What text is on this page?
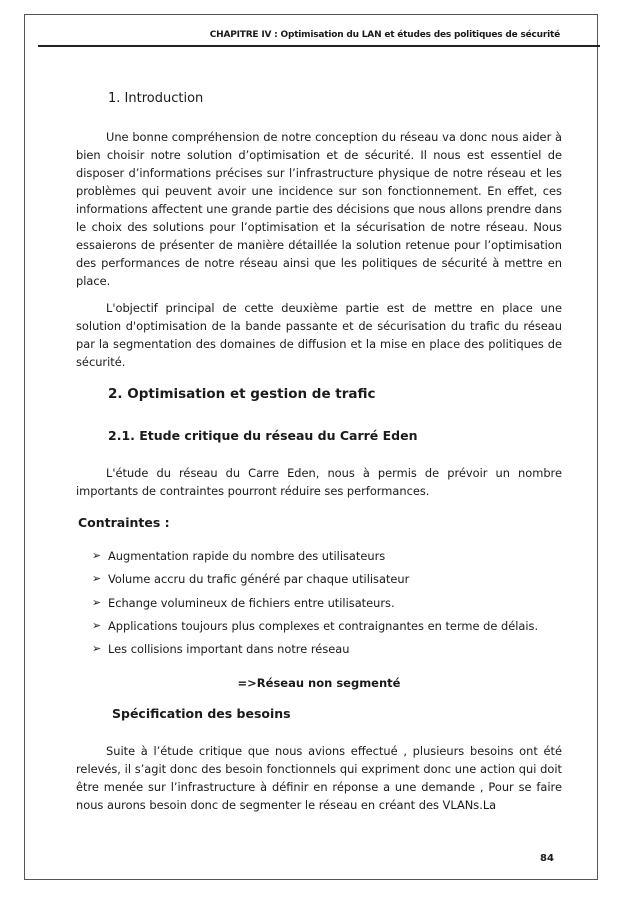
CHAPITRE IV : Optimisation du LAN et études des politiques de sécurité
1. Introduction

Une bonne compréhension de notre conception du réseau va donc nous aider à bien choisir notre solution d’optimisation et de sécurité. Il nous est essentiel de disposer d’informations précises sur l’infrastructure physique de notre réseau et les problèmes qui peuvent avoir une incidence sur son fonctionnement. En effet, ces informations affectent une grande partie des décisions que nous allons prendre dans le choix des solutions pour l’optimisation et la sécurisation de notre réseau. Nous essaierons de présenter de manière détaillée la solution retenue pour l’optimisation des performances de notre réseau ainsi que les politiques de sécurité à mettre en place.

L'objectif principal de cette deuxième partie est de mettre en place une solution d'optimisation de la bande passante et de sécurisation du trafic du réseau par la segmentation des domaines de diffusion et la mise en place des politiques de sécurité.

2. Optimisation et gestion de trafic
2.1. Etude critique du réseau du Carré Eden

L'étude du réseau du Carre Eden, nous à permis de prévoir un nombre importants de contraintes pourront réduire ses performances.

Contraintes :
➢ Augmentation rapide du nombre des utilisateurs
➢ Volume accru du trafic généré par chaque utilisateur
➢ Echange volumineux de fichiers entre utilisateurs.
➢ Applications toujours plus complexes et contraignantes en terme de délais.
➢ Les collisions important dans notre réseau
=>Réseau non segmenté
Spécification des besoins

Suite à l’étude critique que nous avions effectué , plusieurs besoins ont été relevés, il s’agit donc des besoin fonctionnels qui expriment donc une action qui doit être menée sur l’infrastructure à définir en réponse a une demande , Pour se faire nous aurons besoin donc de segmenter le réseau en créant des VLANs.La

84
